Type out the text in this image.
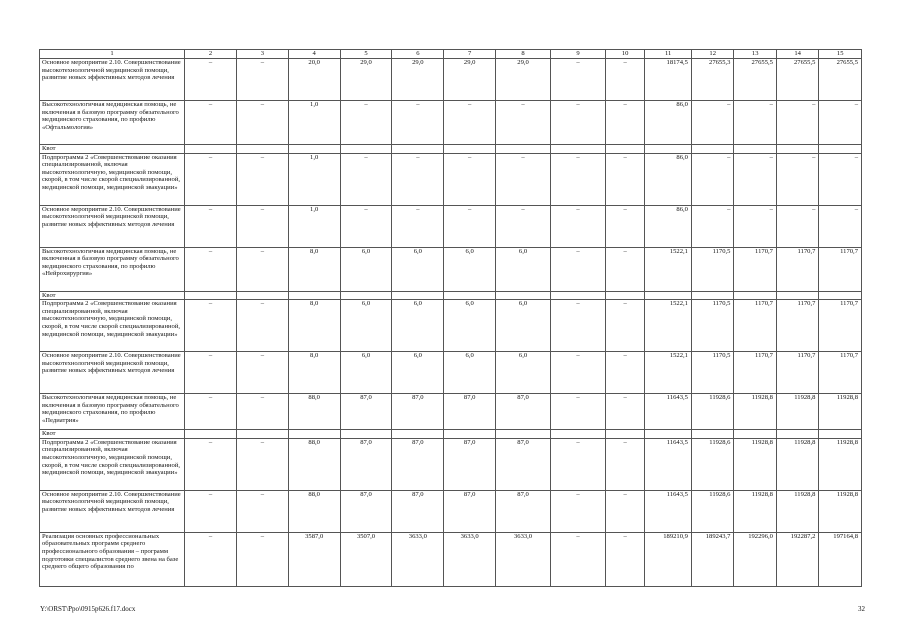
1	2	3	4	5	6	7	8	9	10	11	12	13	14	15
Основное мероприятие 2.10. Совершенствование высокотехнологичной медицинской помощи, развитие новых эффективных методов лечения	–	–	20,0	29,0	29,0	29,0	29,0	–	–	18174,5	27655,3	27655,5	27655,5	27655,5
Высокотехнологичная медицинская помощь, не включенная в базовую программу обязательного медицинского страхования, по профилю «Офтальмология»	–	–	1,0	–	–	–	–	–	–	86,0	–	–	–	–
Квот														
Подпрограмма 2 «Совершенствование оказания специализированной, включая высокотехнологичную, медицинской помощи, скорой, в том числе скорой специализированной, медицинской помощи, медицинской эвакуации»	–	–	1,0	–	–	–	–	–	–	86,0	–	–	–	–
Основное мероприятие 2.10. Совершенствование высокотехнологичной медицинской помощи, развитие новых эффективных методов лечения	–	–	1,0	–	–	–	–	–	–	86,0	–	–	–	–
Высокотехнологичная медицинская помощь, не включенная в базовую программу обязательного медицинского страхования, по профилю «Нейрохирургия»	–	–	8,0	6,0	6,0	6,0	6,0	–	–	1522,1	1170,5	1170,7	1170,7	1170,7
Квот														
Подпрограмма 2 «Совершенствование оказания специализированной, включая высокотехнологичную, медицинской помощи, скорой, в том числе скорой специализированной, медицинской помощи, медицинской эвакуации»	–	–	8,0	6,0	6,0	6,0	6,0	–	–	1522,1	1170,5	1170,7	1170,7	1170,7
Основное мероприятие 2.10. Совершенствование высокотехнологичной медицинской помощи, развитие новых эффективных методов лечения	–	–	8,0	6,0	6,0	6,0	6,0	–	–	1522,1	1170,5	1170,7	1170,7	1170,7
Высокотехнологичная медицинская помощь, не включенная в базовую программу обязательного медицинского страхования, по профилю «Педиатрия»	–	–	88,0	87,0	87,0	87,0	87,0	–	–	11643,5	11928,6	11928,8	11928,8	11928,8
Квот														
Подпрограмма 2 «Совершенствование оказания специализированной, включая высокотехнологичную, медицинской помощи, скорой, в том числе скорой специализированной, медицинской помощи, медицинской эвакуации»	–	–	88,0	87,0	87,0	87,0	87,0	–	–	11643,5	11928,6	11928,8	11928,8	11928,8
Основное мероприятие 2.10. Совершенствование высокотехнологичной медицинской помощи, развитие новых эффективных методов лечения	–	–	88,0	87,0	87,0	87,0	87,0	–	–	11643,5	11928,6	11928,8	11928,8	11928,8
Реализация основных профессиональных образовательных программ среднего профессионального образования – программ подготовки специалистов среднего звена на базе среднего общего образования по	–	–	3587,0	3507,0	3633,0	3633,0	3633,0	–	–	189210,9	189243,7	192296,0	192287,2	197164,8
Y:\ORST\Ppo\0915p626.f17.docx	32
